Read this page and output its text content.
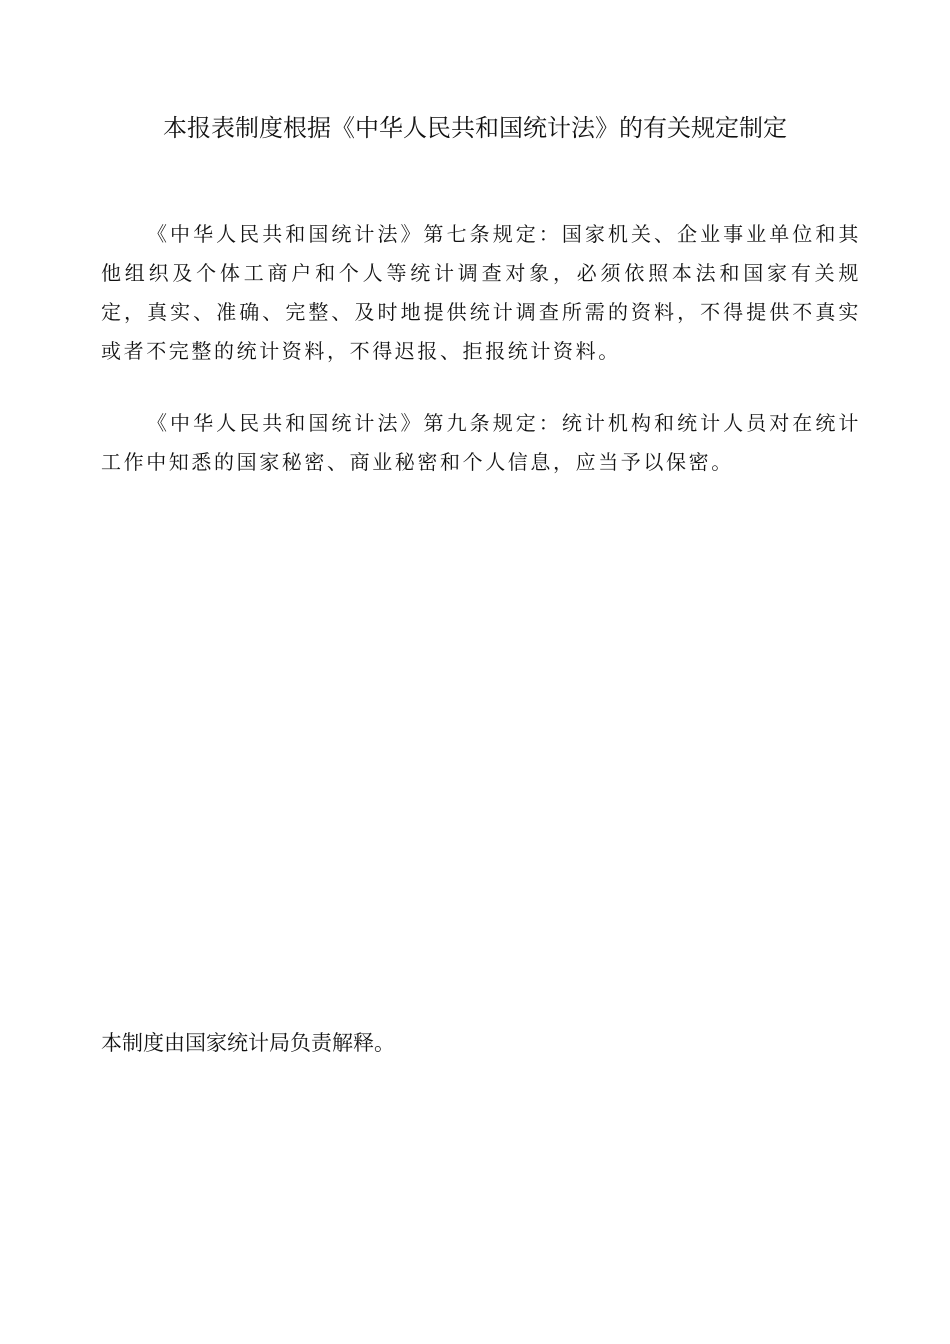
本报表制度根据《中华人民共和国统计法》的有关规定制定

《中华人民共和国统计法》第七条规定：国家机关、企业事业单位和其他组织及个体工商户和个人等统计调查对象，必须依照本法和国家有关规定，真实、准确、完整、及时地提供统计调查所需的资料，不得提供不真实或者不完整的统计资料，不得迟报、拒报统计资料。

《中华人民共和国统计法》第九条规定：统计机构和统计人员对在统计工作中知悉的国家秘密、商业秘密和个人信息，应当予以保密。

本制度由国家统计局负责解释。
